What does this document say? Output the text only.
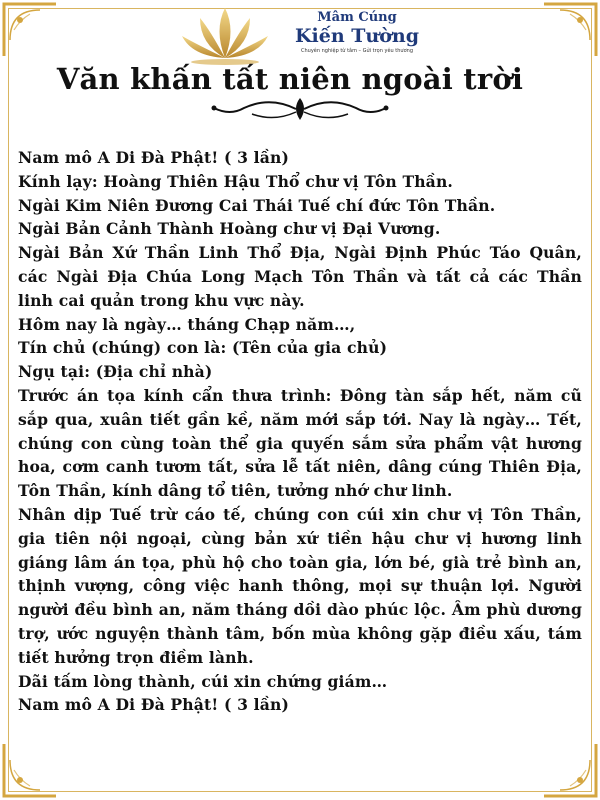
Mâm Cúng
Kiến Tường
Chuyên nghiệp từ tâm – Gửi trọn yêu thương
Văn khấn tất niên ngoài trời

Nam mô A Di Đà Phật! ( 3 lần)

Kính lạy: Hoàng Thiên Hậu Thổ chư vị Tôn Thần.

Ngài Kim Niên Đương Cai Thái Tuế chí đức Tôn Thần.

Ngài Bản Cảnh Thành Hoàng chư vị Đại Vương.

Ngài Bản Xứ Thần Linh Thổ Địa, Ngài Định Phúc Táo Quân, các Ngài Địa Chúa Long Mạch Tôn Thần và tất cả các Thần linh cai quản trong khu vực này.

Hôm nay là ngày… tháng Chạp năm…,

Tín chủ (chúng) con là: (Tên của gia chủ)

Ngụ tại: (Địa chỉ nhà)

Trước án tọa kính cẩn thưa trình: Đông tàn sắp hết, năm cũ sắp qua, xuân tiết gần kề, năm mới sắp tới. Nay là ngày… Tết, chúng con cùng toàn thể gia quyến sắm sửa phẩm vật hương hoa, cơm canh tươm tất, sửa lễ tất niên, dâng cúng Thiên Địa, Tôn Thần, kính dâng tổ tiên, tưởng nhớ chư linh.

Nhân dịp Tuế trừ cáo tế, chúng con cúi xin chư vị Tôn Thần, gia tiên nội ngoại, cùng bản xứ tiền hậu chư vị hương linh giáng lâm án tọa, phù hộ cho toàn gia, lớn bé, già trẻ bình an, thịnh vượng, công việc hanh thông, mọi sự thuận lợi. Người người đều bình an, năm tháng dồi dào phúc lộc. Âm phù dương trợ, ước nguyện thành tâm, bốn mùa không gặp điều xấu, tám tiết hưởng trọn điềm lành.

Dãi tấm lòng thành, cúi xin chứng giám…

Nam mô A Di Đà Phật! ( 3 lần)
